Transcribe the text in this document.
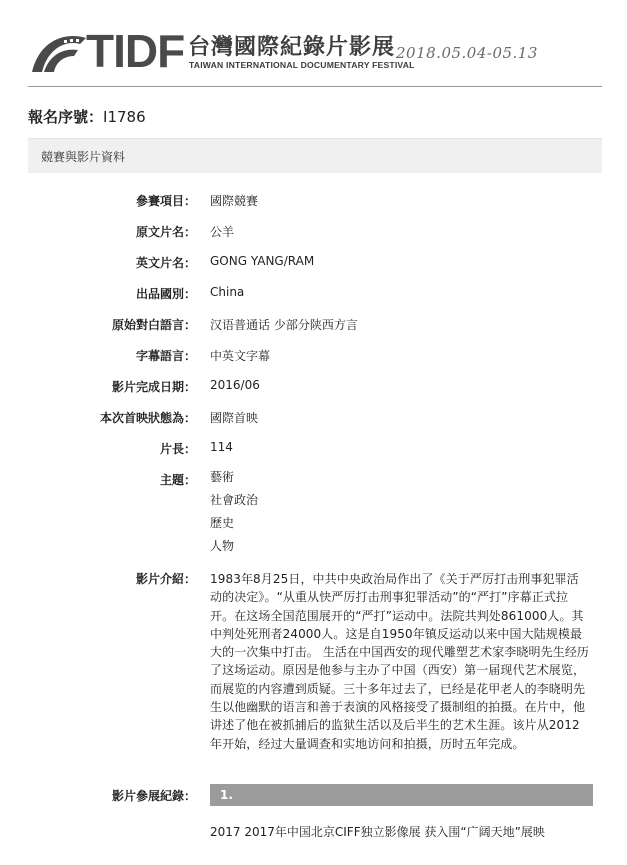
TIDF 台灣國際紀錄片影展
TAIWAN INTERNATIONAL DOCUMENTARY FESTIVAL
2018.05.04-05.13
報名序號：I1786
競賽與影片資料
參賽項目： 國際競賽
原文片名： 公羊
英文片名： GONG YANG/RAM
出品國別： China
原始對白語言： 汉语普通话 少部分陕西方言
字幕語言： 中英文字幕
影片完成日期： 2016/06
本次首映狀態為： 國際首映
片長： 114
主題： 藝術
社會政治
歷史
人物
影片介紹： 1983年8月25日，中共中央政治局作出了《关于严厉打击刑事犯罪活
动的决定》。“从重从快严厉打击刑事犯罪活动”的“严打”序幕正式拉
开。在这场全国范围展开的“严打”运动中。法院共判处861000人。其
中判处死刑者24000人。这是自1950年镇反运动以来中国大陆规模最
大的一次集中打击。 生活在中国西安的现代雕塑艺术家李晓明先生经历
了这场运动。原因是他参与主办了中国（西安）第一届现代艺术展览，
而展览的内容遭到质疑。三十多年过去了，已经是花甲老人的李晓明先
生以他幽默的语言和善于表演的风格接受了摄制组的拍摄。在片中，他
讲述了他在被抓捕后的监狱生活以及后半生的艺术生涯。该片从2012
年开始，经过大量调查和实地访问和拍摄，历时五年完成。
影片參展紀錄： 1.
2017 2017年中国北京CIFF独立影像展 获入围“广阔天地”展映
